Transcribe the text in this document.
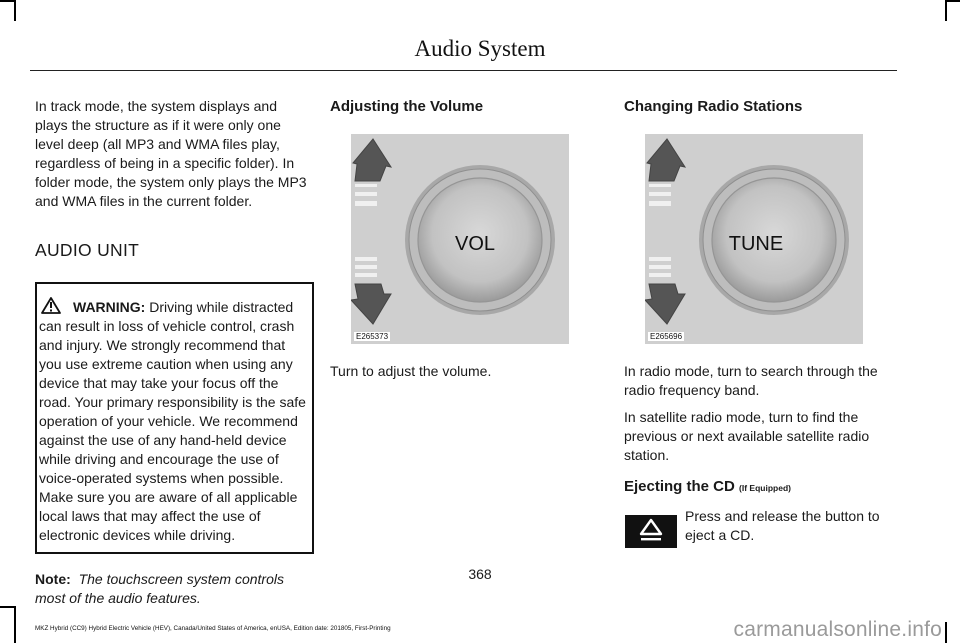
Audio System

In track mode, the system displays and plays the structure as if it were only one level deep (all MP3 and WMA files play, regardless of being in a specific folder). In folder mode, the system only plays the MP3 and WMA files in the current folder.

AUDIO UNIT

WARNING: Driving while distracted can result in loss of vehicle control, crash and injury. We strongly recommend that you use extreme caution when using any device that may take your focus off the road. Your primary responsibility is the safe operation of your vehicle. We recommend against the use of any hand-held device while driving and encourage the use of voice-operated systems when possible. Make sure you are aware of all applicable local laws that may affect the use of electronic devices while driving.

Note: The touchscreen system controls most of the audio features.

Adjusting the Volume
VOL
E265373

Turn to adjust the volume.

Changing Radio Stations
TUNE
E265696

In radio mode, turn to search through the radio frequency band.

In satellite radio mode, turn to find the previous or next available satellite radio station.

Ejecting the CD (If Equipped)

Press and release the button to eject a CD.

368
MKZ Hybrid (CC9) Hybrid Electric Vehicle (HEV), Canada/United States of America, enUSA, Edition date: 201805, First-Printing	carmanualsonline.info
